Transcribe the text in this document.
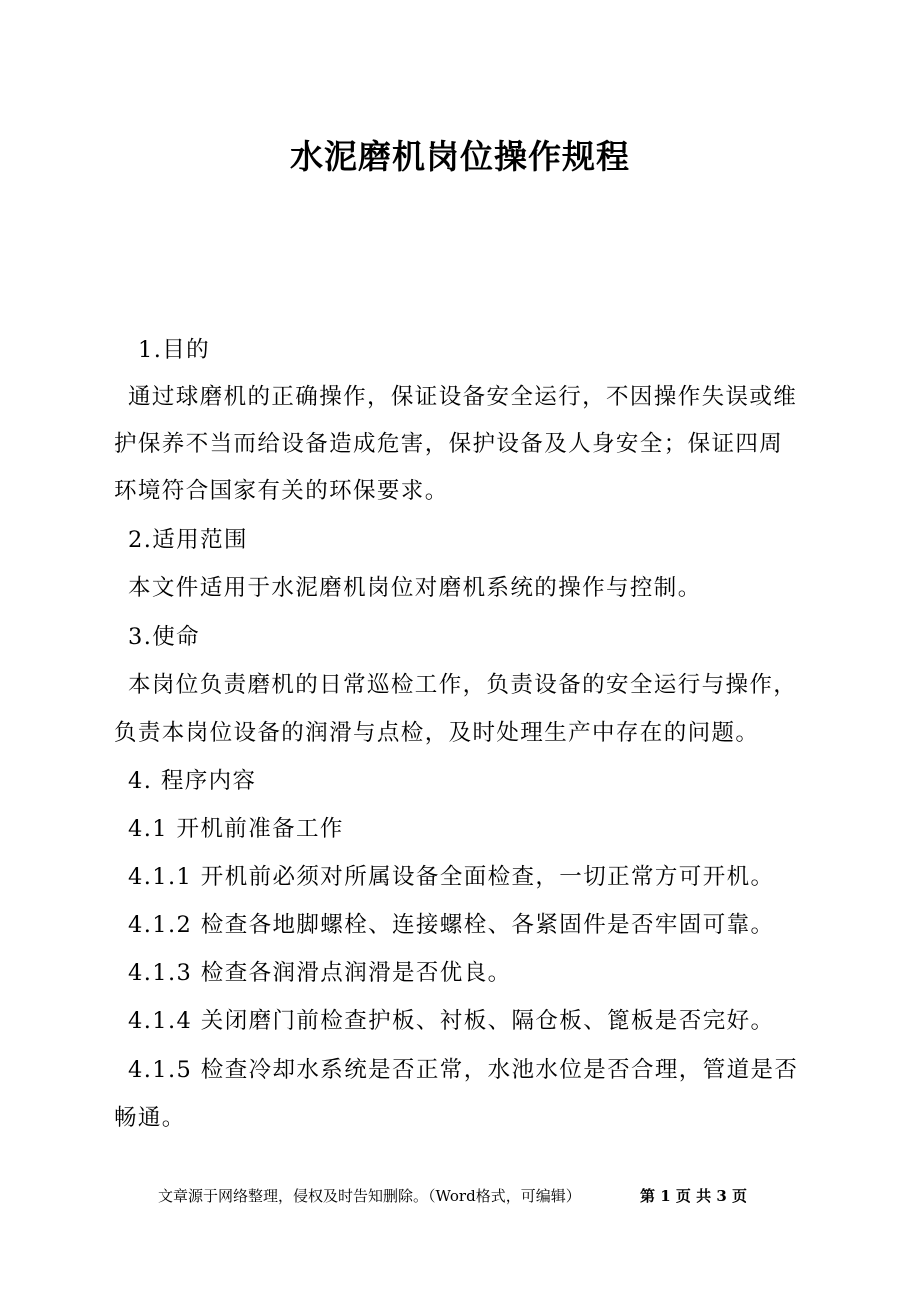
水泥磨机岗位操作规程
1.目的
通过球磨机的正确操作，保证设备安全运行，不因操作失误或维
护保养不当而给设备造成危害，保护设备及人身安全；保证四周
环境符合国家有关的环保要求。
2.适用范围
本文件适用于水泥磨机岗位对磨机系统的操作与控制。
3.使命
本岗位负责磨机的日常巡检工作，负责设备的安全运行与操作，
负责本岗位设备的润滑与点检，及时处理生产中存在的问题。
4. 程序内容
4.1 开机前准备工作
4.1.1 开机前必须对所属设备全面检查，一切正常方可开机。
4.1.2 检查各地脚螺栓、连接螺栓、各紧固件是否牢固可靠。
4.1.3 检查各润滑点润滑是否优良。
4.1.4 关闭磨门前检查护板、衬板、隔仓板、篦板是否完好。
4.1.5 检查冷却水系统是否正常，水池水位是否合理，管道是否
畅通。
文章源于网络整理，侵权及时告知删除。（Word格式，可编辑）	第 1 页 共 3 页
